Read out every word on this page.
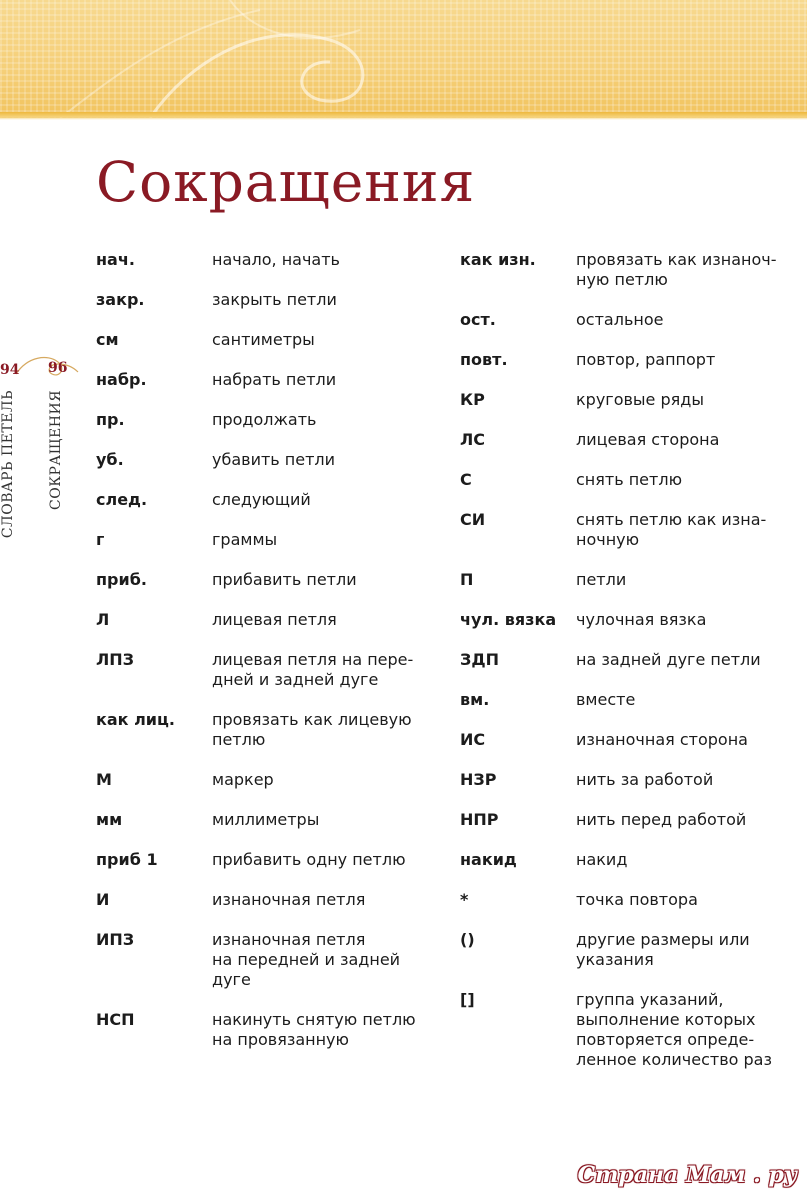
Сокращения
94 96
СЛОВАРЬ ПЕТЕЛЬ СОКРАЩЕНИЯ
нач.	начало, начать
закр.	закрыть петли
см	сантиметры
набр.	набрать петли
пр.	продолжать
уб.	убавить петли
след.	следующий
г	граммы
приб.	прибавить петли
Л	лицевая петля
ЛПЗ	лицевая петля на пере-
дней и задней дуге
как лиц.	провязать как лицевую
петлю
М	маркер
мм	миллиметры
приб 1	прибавить одну петлю
И	изнаночная петля
ИПЗ	изнаночная петля
на передней и задней
дуге
НСП	накинуть снятую петлю
на провязанную
как изн.	провязать как изнаноч-
ную петлю
ост.	остальное
повт.	повтор, раппорт
КР	круговые ряды
ЛС	лицевая сторона
С	снять петлю
СИ	снять петлю как изна-
ночную
П	петли
чул. вязка	чулочная вязка
ЗДП	на задней дуге петли
вм.	вместе
ИС	изнаночная сторона
НЗР	нить за работой
НПР	нить перед работой
накид	накид
*	точка повтора
()	другие размеры или
указания
[]	группа указаний,
выполнение которых
повторяется опреде-
ленное количество раз
Страна Мам . ру
